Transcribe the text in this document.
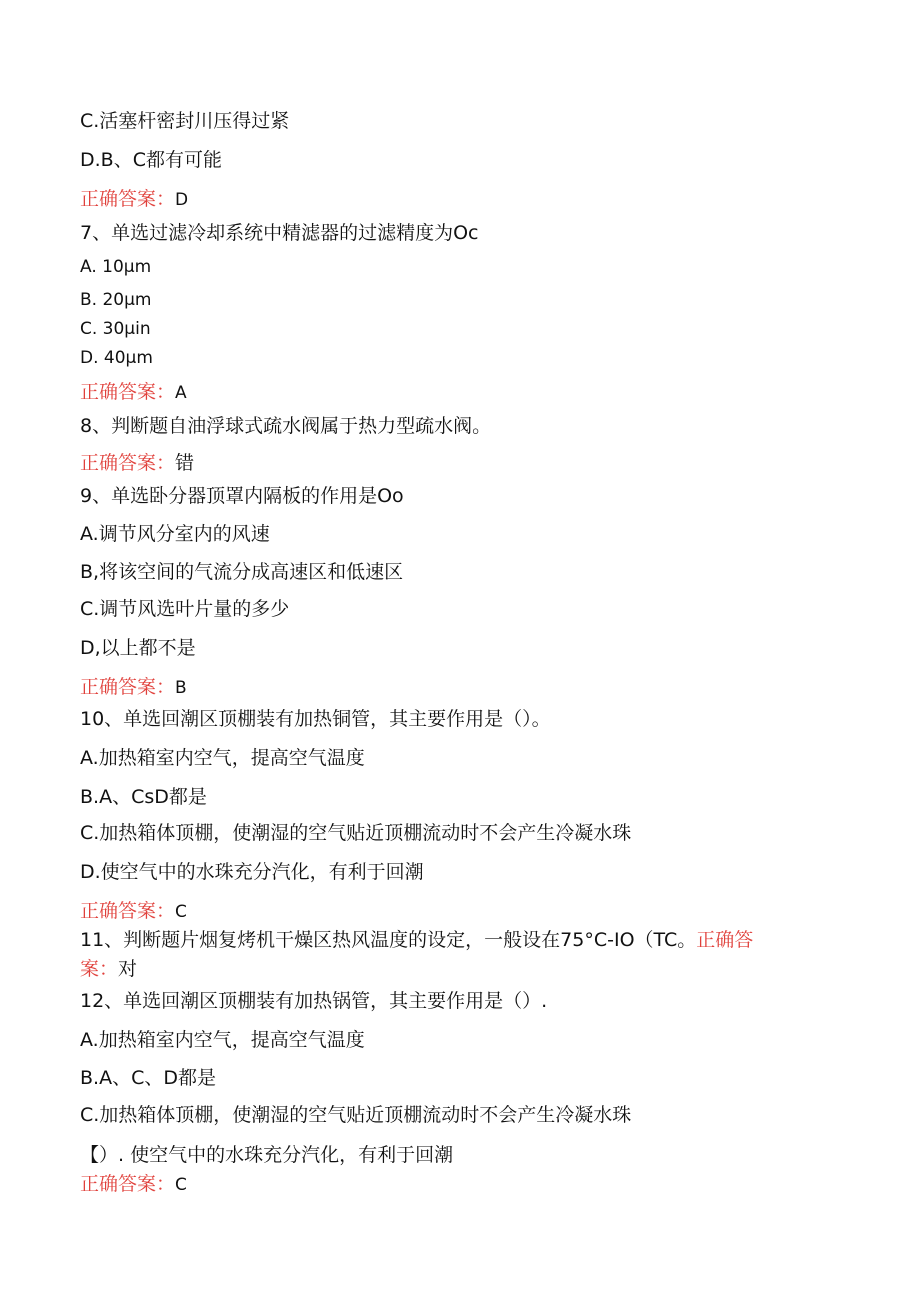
C.活塞杆密封川压得过紧
D.B、C都有可能
正确答案：D
7、单选过滤冷却系统中精滤器的过滤精度为Oc
A. 10μm
B. 20μm
C. 30μin
D. 40μm
正确答案：A
8、判断题自油浮球式疏水阀属于热力型疏水阀。
正确答案：错
9、单选卧分器顶罩内隔板的作用是Oo
A.调节风分室内的风速
B,将该空间的气流分成高速区和低速区
C.调节风选叶片量的多少
D,以上都不是
正确答案：B
10、单选回潮区顶棚装有加热铜管，其主要作用是（）。
A.加热箱室内空气，提高空气温度
B.A、CsD都是
C.加热箱体顶棚，使潮湿的空气贴近顶棚流动时不会产生冷凝水珠
D.使空气中的水珠充分汽化，有利于回潮
正确答案：C
11、判断题片烟复烤机干燥区热风温度的设定，一般设在75°C-IO（TC。正确答
案：对
12、单选回潮区顶棚装有加热锅管，其主要作用是（）.
A.加热箱室内空气，提高空气温度
B.A、C、D都是
C.加热箱体顶棚，使潮湿的空气贴近顶棚流动时不会产生冷凝水珠
【）. 使空气中的水珠充分汽化，有利于回潮
正确答案：C
